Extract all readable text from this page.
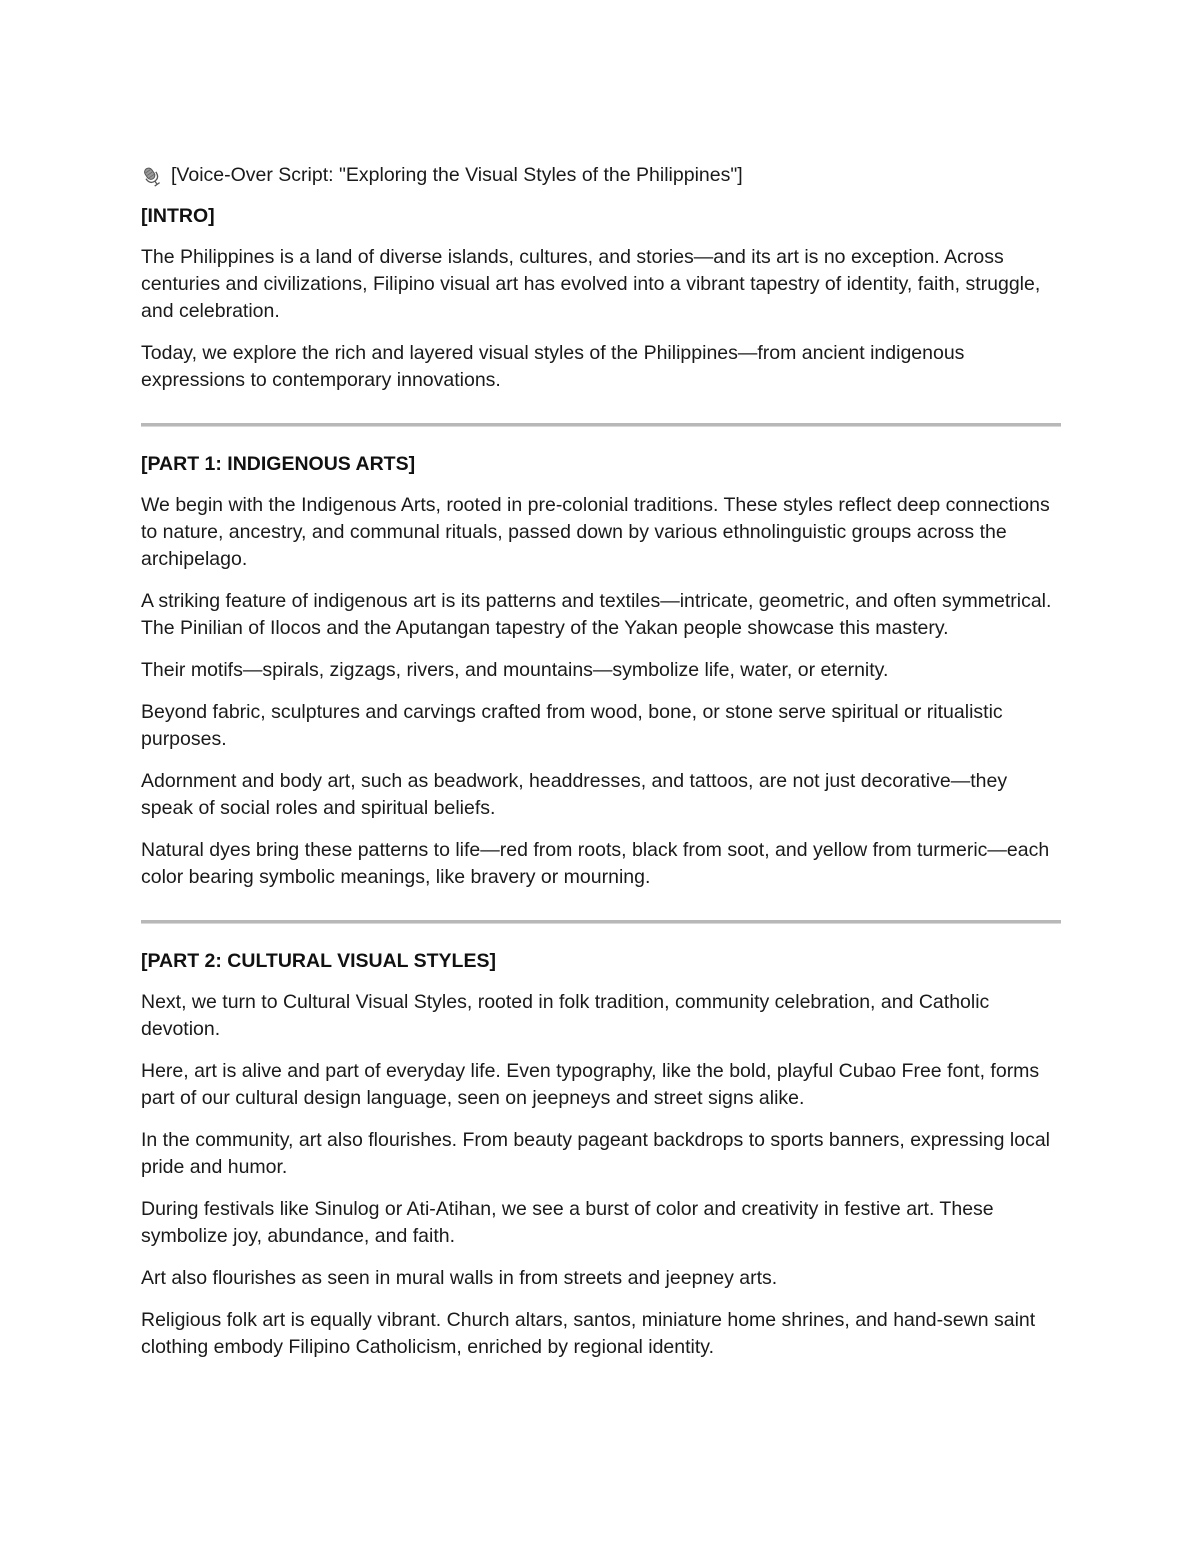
[Voice-Over Script: "Exploring the Visual Styles of the Philippines"]
[INTRO]

The Philippines is a land of diverse islands, cultures, and stories—and its art is no exception. Across centuries and civilizations, Filipino visual art has evolved into a vibrant tapestry of identity, faith, struggle, and celebration.

Today, we explore the rich and layered visual styles of the Philippines—from ancient indigenous expressions to contemporary innovations.

[PART 1: INDIGENOUS ARTS]

We begin with the Indigenous Arts, rooted in pre-colonial traditions. These styles reflect deep connections to nature, ancestry, and communal rituals, passed down by various ethnolinguistic groups across the archipelago.

A striking feature of indigenous art is its patterns and textiles—intricate, geometric, and often symmetrical. The Pinilian of Ilocos and the Aputangan tapestry of the Yakan people showcase this mastery.

Their motifs—spirals, zigzags, rivers, and mountains—symbolize life, water, or eternity.

Beyond fabric, sculptures and carvings crafted from wood, bone, or stone serve spiritual or ritualistic purposes.

Adornment and body art, such as beadwork, headdresses, and tattoos, are not just decorative—they speak of social roles and spiritual beliefs.

Natural dyes bring these patterns to life—red from roots, black from soot, and yellow from turmeric—each color bearing symbolic meanings, like bravery or mourning.

[PART 2: CULTURAL VISUAL STYLES]

Next, we turn to Cultural Visual Styles, rooted in folk tradition, community celebration, and Catholic devotion.

Here, art is alive and part of everyday life. Even typography, like the bold, playful Cubao Free font, forms part of our cultural design language, seen on jeepneys and street signs alike.

In the community, art also flourishes. From beauty pageant backdrops to sports banners, expressing local pride and humor.

During festivals like Sinulog or Ati-Atihan, we see a burst of color and creativity in festive art. These symbolize joy, abundance, and faith.

Art also flourishes as seen in mural walls in from streets and jeepney arts.

Religious folk art is equally vibrant. Church altars, santos, miniature home shrines, and hand-sewn saint clothing embody Filipino Catholicism, enriched by regional identity.
